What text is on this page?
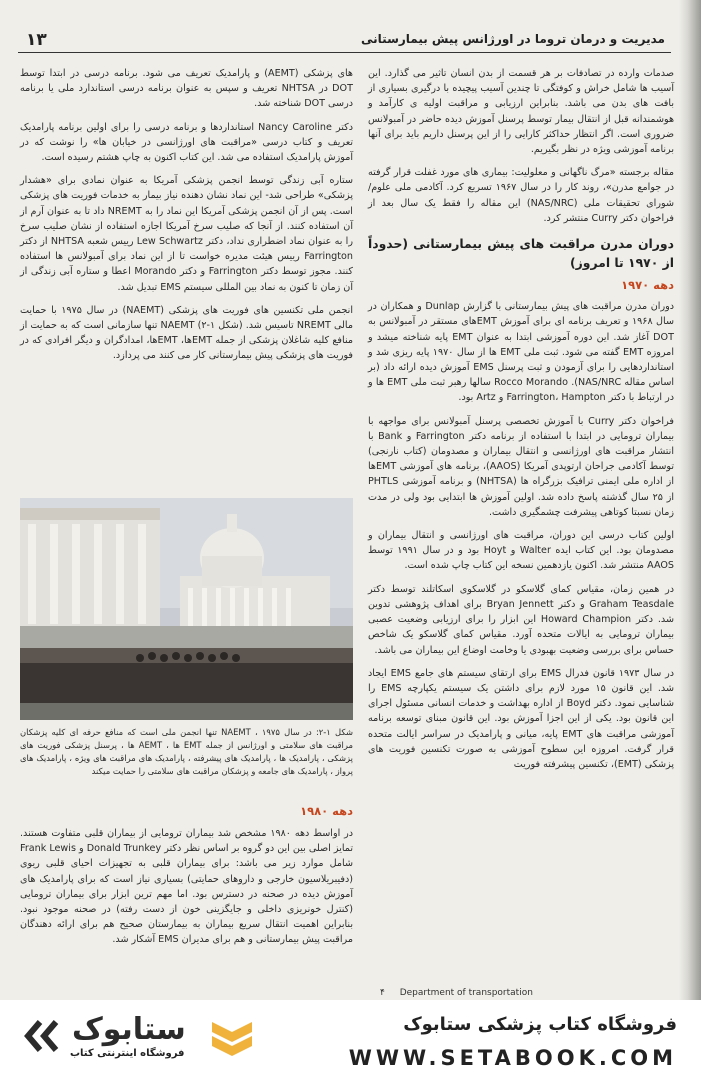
۱۳	مدیریت و درمان تروما در اورژانس پیش بیمارستانی

صدمات وارده در تصادفات بر هر قسمت از بدن انسان تاثیر می گذارد. این آسیب ها شامل خراش و کوفتگی تا چندین آسیب پیچیده با درگیری بسیاری از بافت های بدن می باشد. بنابراین ارزیابی و مراقبت اولیه ی کارآمد و هوشمندانه قبل از انتقال بیمار توسط پرسنل آموزش دیده حاضر در آمبولانس ضروری است. اگر انتظار حداکثر کارایی را از این پرسنل داریم باید برای آنها برنامه آموزشی ویژه در نظر بگیریم.

مقاله برجسته «مرگ ناگهانی و معلولیت: بیماری های مورد غفلت قرار گرفته در جوامع مدرن»، روند کار را در سال ۱۹۶۷ تسریع کرد. آکادمی ملی علوم/ شورای تحقیقات ملی (NAS/NRC) این مقاله را فقط یک سال بعد از فراخوان دکتر Curry منتشر کرد.

دوران مدرن مراقبت های پیش بیمارستانی (حدوداً از ۱۹۷۰ تا امروز)
دهه ۱۹۷۰

دوران مدرن مراقبت های پیش بیمارستانی با گزارش Dunlap و همکاران در سال ۱۹۶۸ و تعریف برنامه ای برای آموزش EMTهای مستقر در آمبولانس به DOT آغاز شد. این دوره آموزشی ابتدا به عنوان EMT پایه شناخته میشد و امروزه EMT گفته می شود. ثبت ملی EMT ها از سال ۱۹۷۰ پایه ریزی شد و استانداردهایی را برای آزمودن و ثبت پرسنل EMS آموزش دیده ارائه داد (بر اساس مقاله NAS/NRC). Rocco Morando سالها رهبر ثبت ملی EMT ها و در ارتباط با دکتر Farrington، Hampton و Artz بود.

فراخوان دکتر Curry با آموزش تخصصی پرسنل آمبولانس برای مواجهه با بیماران ترومایی در ابتدا با استفاده از برنامه دکتر Farrington و Bank با انتشار مراقبت های اورژانسی و انتقال بیماران و مصدومان (کتاب نارنجی) توسط آکادمی جراحان ارتوپدی آمریکا (AAOS)، برنامه های آموزشی EMTها از اداره ملی ایمنی ترافیک بزرگراه ها (NHTSA) و برنامه آموزشی PHTLS از ۲۵ سال گذشته پاسخ داده شد. اولین آموزش ها ابتدایی بود ولی در مدت زمان نسبتا کوتاهی پیشرفت چشمگیری داشت.

اولین کتاب درسی این دوران، مراقبت های اورژانسی و انتقال بیماران و مصدومان بود. این کتاب ایده Walter و Hoyt بود و در سال ۱۹۹۱ توسط AAOS منتشر شد. اکنون یازدهمین نسخه این کتاب چاپ شده است.

در همین زمان، مقیاس کمای گلاسکو در گلاسکوی اسکاتلند توسط دکتر Graham Teasdale و دکتر Bryan Jennett برای اهداف پژوهشی تدوین شد. دکتر Howard Champion این ابزار را برای ارزیابی وضعیت عصبی بیماران ترومایی به ایالات متحده آورد. مقیاس کمای گلاسکو یک شاخص حساس برای بررسی وضعیت بهبودی یا وخامت اوضاع این بیماران می باشد.

در سال ۱۹۷۳ قانون فدرال EMS برای ارتقای سیستم های جامع EMS ایجاد شد. این قانون ۱۵ مورد لازم برای داشتن یک سیستم یکپارچه EMS را شناسایی نمود. دکتر Boyd از اداره بهداشت و خدمات انسانی مسئول اجرای این قانون بود. یکی از این اجزا آموزش بود. این قانون مبنای توسعه برنامه آموزشی مراقبت های EMT پایه، میانی و پارامدیک در سراسر ایالت متحده قرار گرفت. امروزه این سطوح آموزشی به صورت تکنسین فوریت های پزشکی (EMT)، تکنسین پیشرفته فوریت

های پزشکی (AEMT) و پارامدیک تعریف می شود. برنامه درسی در ابتدا توسط DOT در NHTSA تعریف و سپس به عنوان برنامه درسی استاندارد ملی یا برنامه درسی DOT شناخته شد.

دکتر Nancy Caroline استانداردها و برنامه درسی را برای اولین برنامه پارامدیک تعریف و کتاب درسی «مراقبت های اورژانسی در خیابان ها» را نوشت که در آموزش پارامدیک استفاده می شد. این کتاب اکنون به چاپ هشتم رسیده است.

ستاره آبی زندگی توسط انجمن پزشکی آمریکا به عنوان نمادی برای «هشدار پزشکی» طراحی شد- این نماد نشان دهنده نیاز بیمار به خدمات فوریت های پزشکی است. پس از آن انجمن پزشکی آمریکا این نماد را به NREMT داد تا به عنوان آرم از آن استفاده کنند. از آنجا که صلیب سرخ آمریکا اجازه استفاده از نشان صلیب سرخ را به عنوان نماد اضطراری نداد، دکتر Lew Schwartz رییس شعبه NHTSA از دکتر Farrington رییس هیئت مدیره خواست تا از این نماد برای آمبولانس ها استفاده کنند. مجوز توسط دکتر Farrington و دکتر Morando اعطا و ستاره آبی زندگی از آن زمان تا کنون به نماد بین المللی سیستم EMS تبدیل شد.

انجمن ملی تکنسین های فوریت های پزشکی (NAEMT) در سال ۱۹۷۵ با حمایت مالی NREMT تاسیس شد. (شکل ۱-۲) NAEMT تنها سازمانی است که به حمایت از منافع کلیه شاغلان پزشکی از جمله EMTها، EMTها، امدادگران و دیگر افرادی که در فوریت های پزشکی پیش بیمارستانی کار می کنند می پردازد.

شکل ۱-۲: در سال ۱۹۷۵ ، NAEMT تنها انجمن ملی است که منافع حرفه ای کلیه پزشکان مراقبت های سلامتی و اورژانس از جمله EMT ها ، AEMT ها ، پرسنل پزشکی فوریت های پزشکی ، پارامدیک ها ، پارامدیک های پیشرفته ، پارامدیک های مراقبت های ویژه ، پارامدیک های پرواز ، پارامدیک های جامعه و پزشکان مراقبت های سلامتی را حمایت میکند
دهه ۱۹۸۰

در اواسط دهه ۱۹۸۰ مشخص شد بیماران ترومایی از بیماران قلبی متفاوت هستند. تمایز اصلی بین این دو گروه بر اساس نظر دکتر Donald Trunkey و Frank Lewis شامل موارد زیر می باشد: برای بیماران قلبی به تجهیزات احیای قلبی ریوی (دفیبریلاسیون خارجی و داروهای حمایتی) بسیاری نیاز است که برای پارامدیک های آموزش دیده در صحنه در دسترس بود. اما مهم ترین ابزار برای بیماران ترومایی (کنترل خونریزی داخلی و جایگزینی خون از دست رفته) در صحنه موجود نبود. بنابراین اهمیت انتقال سریع بیماران به بیمارستان صحیح هم برای ارائه دهندگان مراقبت پیش بیمارستانی و هم برای مدیران EMS آشکار شد.

۴ Department of transportation
ستابوک
فروشگاه اینترنتی کتاب
فروشگاه کتاب پزشکی ستابوک
WWW.SETABOOK.COM
